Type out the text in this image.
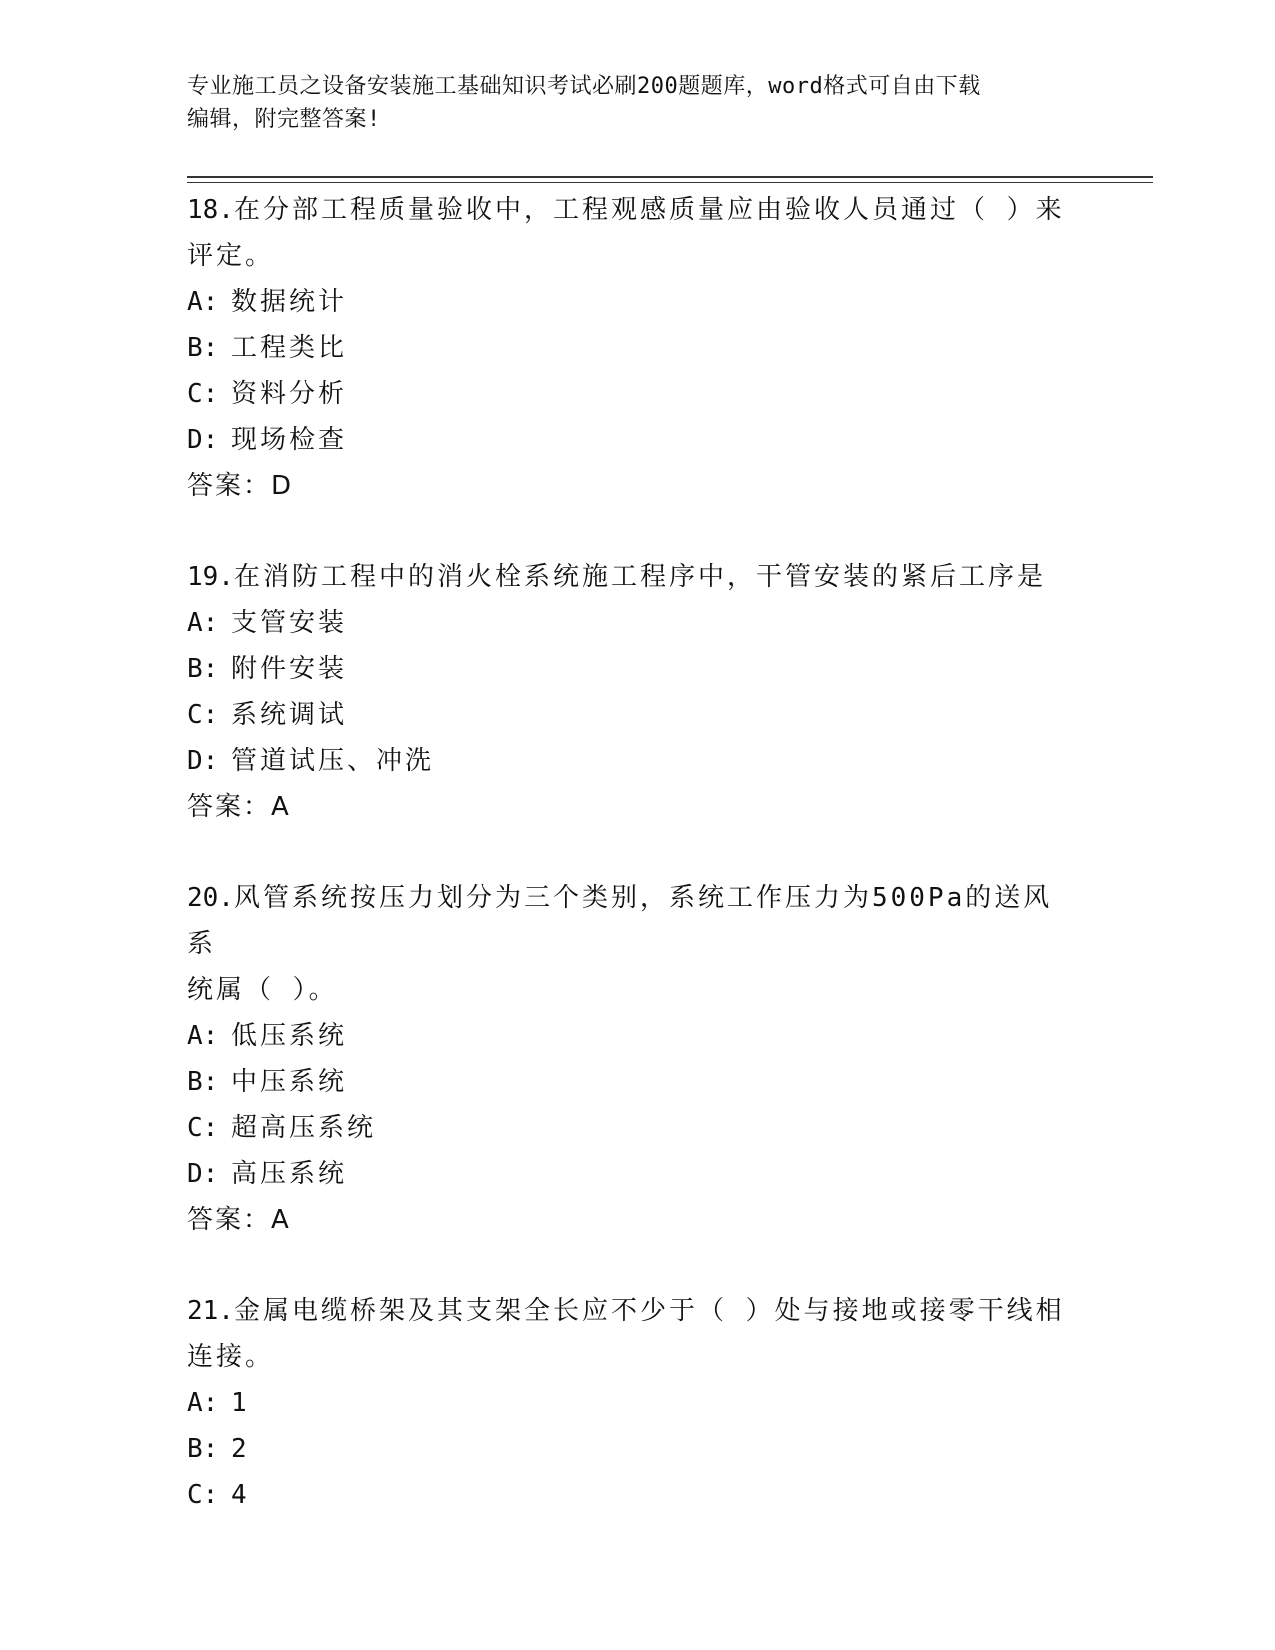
专业施工员之设备安装施工基础知识考试必刷200题题库，word格式可自由下载
编辑，附完整答案!
18.在分部工程质量验收中，工程观感质量应由验收人员通过（ ）来
评定。
A: 数据统计
B: 工程类比
C: 资料分析
D: 现场检查
答案：D
19.在消防工程中的消火栓系统施工程序中，干管安装的紧后工序是
A: 支管安装
B: 附件安装
C: 系统调试
D: 管道试压、冲洗
答案：A
20.风管系统按压力划分为三个类别，系统工作压力为500Pa的送风系
统属（ ）。
A: 低压系统
B: 中压系统
C: 超高压系统
D: 高压系统
答案：A
21.金属电缆桥架及其支架全长应不少于（ ）处与接地或接零干线相
连接。
A: 1
B: 2
C: 4
